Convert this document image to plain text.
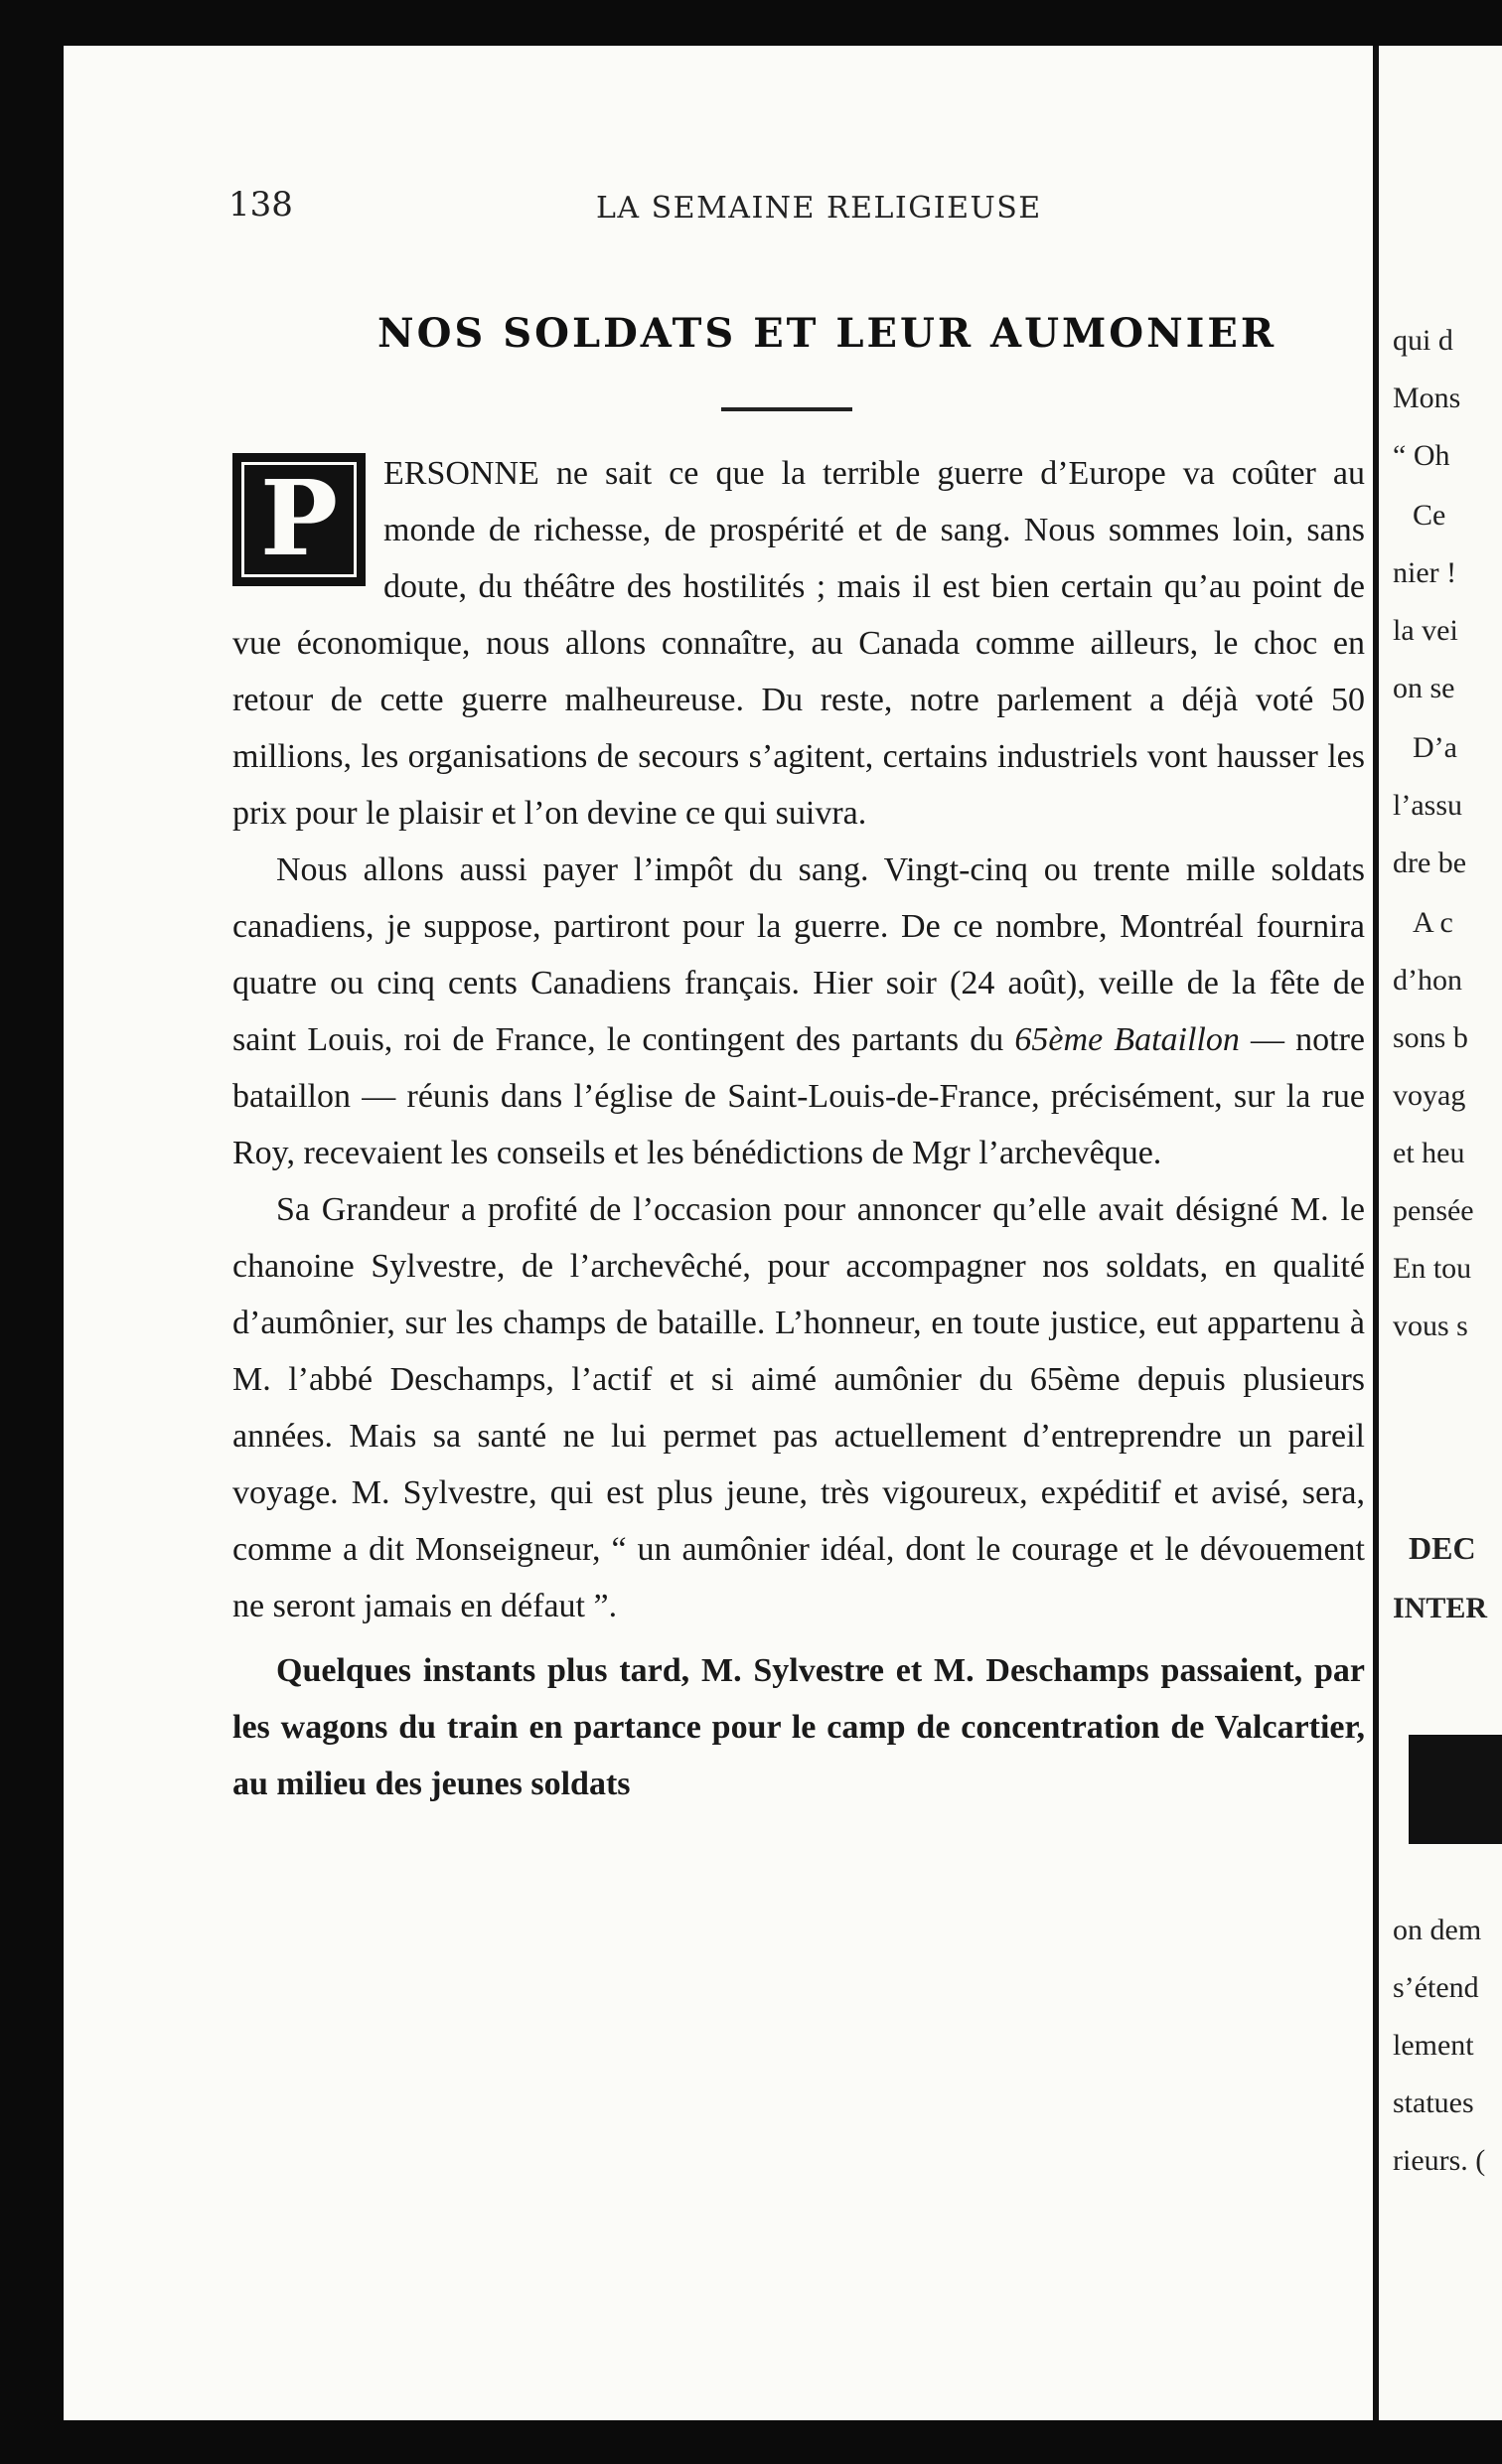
qui d
Mons
“ Oh
Ce
nier !
la vei
on se
D’a
l’assu
dre be
A c
d’hon
sons b
voyag
et heu
pensée
En tou
vous s
DEC
INTER
on dem
s’étend
lement
statues
rieurs. (
138	LA SEMAINE RELIGIEUSE
NOS SOLDATS ET LEUR AUMONIER

P	ERSONNE ne sait ce que la terrible guerre d’Europe va coûter au monde de richesse, de prospérité et de sang. Nous sommes loin, sans doute, du théâtre des hostilités ; mais il est bien certain qu’au point de vue économique, nous allons connaître, au Canada comme ailleurs, le choc en retour de cette guerre malheureuse. Du reste, notre parlement a déjà voté 50 millions, les organisations de secours s’agitent, certains industriels vont hausser les prix pour le plaisir et l’on devine ce qui suivra.

Nous allons aussi payer l’impôt du sang. Vingt-cinq ou trente mille soldats canadiens, je suppose, partiront pour la guerre. De ce nombre, Montréal fournira quatre ou cinq cents Canadiens français. Hier soir (24 août), veille de la fête de saint Louis, roi de France, le contingent des partants du 65ème Bataillon — notre bataillon — réunis dans l’église de Saint-Louis-de-France, précisément, sur la rue Roy, recevaient les conseils et les bénédictions de Mgr l’archevêque.

Sa Grandeur a profité de l’occasion pour annoncer qu’elle avait désigné M. le chanoine Sylvestre, de l’archevêché, pour accompagner nos soldats, en qualité d’aumônier, sur les champs de bataille. L’honneur, en toute justice, eut appartenu à M. l’abbé Deschamps, l’actif et si aimé aumônier du 65ème depuis plusieurs années. Mais sa santé ne lui permet pas actuellement d’entreprendre un pareil voyage. M. Sylvestre, qui est plus jeune, très vigoureux, expéditif et avisé, sera, comme a dit Monseigneur, “ un aumônier idéal, dont le courage et le dévouement ne seront jamais en défaut ”.

Quelques instants plus tard, M. Sylvestre et M. Deschamps passaient, par les wagons du train en partance pour le camp de concentration de Valcartier, au milieu des jeunes soldats
